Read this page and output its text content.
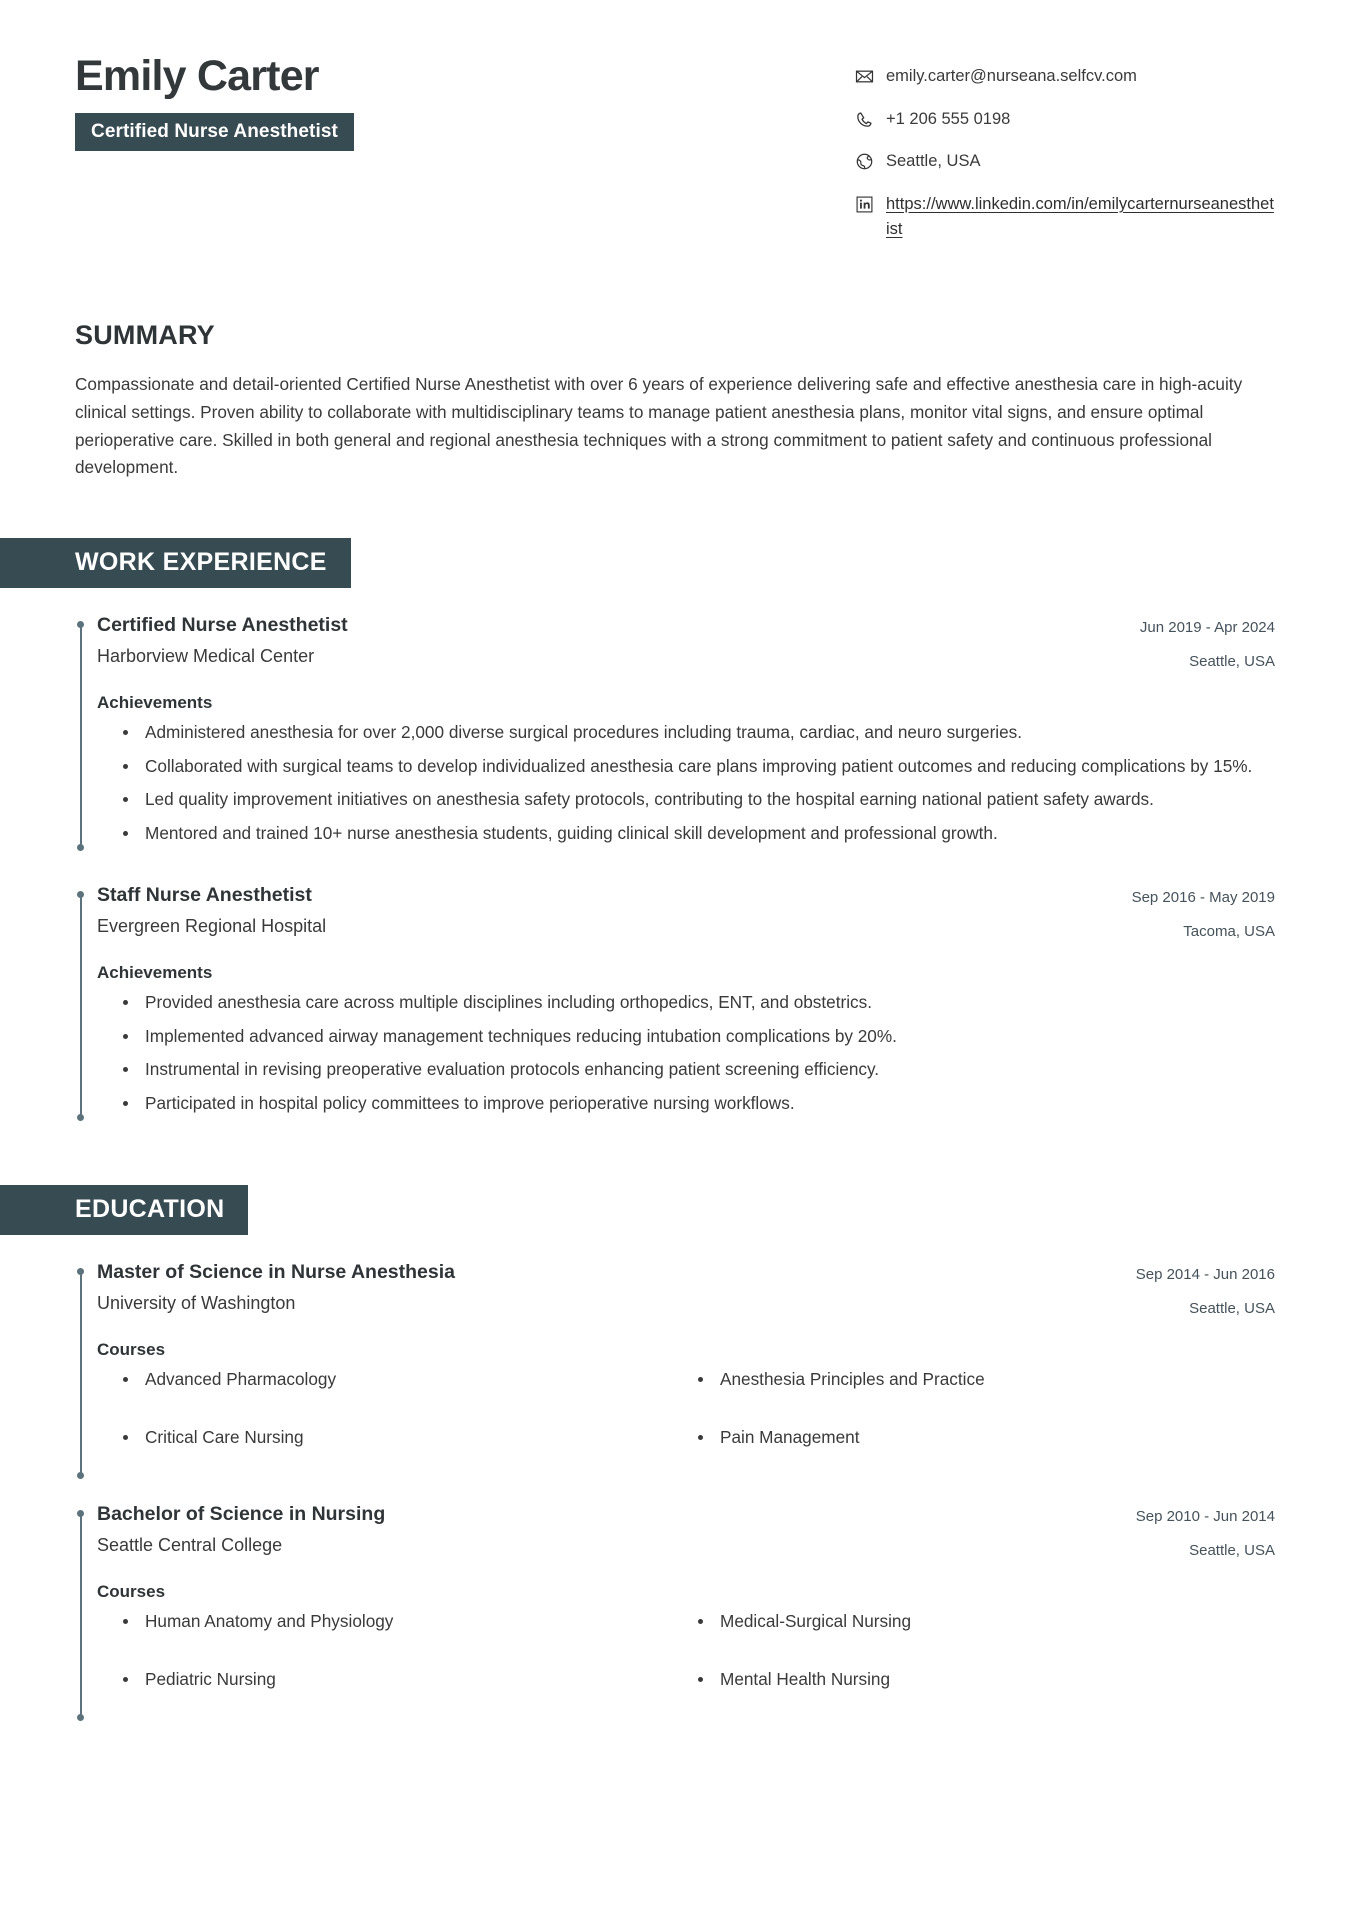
Emily Carter
Certified Nurse Anesthetist
emily.carter@nurseana.selfcv.com
+1 206 555 0198
Seattle, USA
https://www.linkedin.com/in/emilycarternurseanesthetist
SUMMARY

Compassionate and detail-oriented Certified Nurse Anesthetist with over 6 years of experience delivering safe and effective anesthesia care in high-acuity clinical settings. Proven ability to collaborate with multidisciplinary teams to manage patient anesthesia plans, monitor vital signs, and ensure optimal perioperative care. Skilled in both general and regional anesthesia techniques with a strong commitment to patient safety and continuous professional development.

WORK EXPERIENCE
Certified Nurse Anesthetist
Harborview Medical Center
Jun 2019 - Apr 2024
Seattle, USA
Achievements
Administered anesthesia for over 2,000 diverse surgical procedures including trauma, cardiac, and neuro surgeries.
Collaborated with surgical teams to develop individualized anesthesia care plans improving patient outcomes and reducing complications by 15%.
Led quality improvement initiatives on anesthesia safety protocols, contributing to the hospital earning national patient safety awards.
Mentored and trained 10+ nurse anesthesia students, guiding clinical skill development and professional growth.
Staff Nurse Anesthetist
Evergreen Regional Hospital
Sep 2016 - May 2019
Tacoma, USA
Achievements
Provided anesthesia care across multiple disciplines including orthopedics, ENT, and obstetrics.
Implemented advanced airway management techniques reducing intubation complications by 20%.
Instrumental in revising preoperative evaluation protocols enhancing patient screening efficiency.
Participated in hospital policy committees to improve perioperative nursing workflows.
EDUCATION
Master of Science in Nurse Anesthesia
University of Washington
Sep 2014 - Jun 2016
Seattle, USA
Courses
Advanced Pharmacology	Anesthesia Principles and Practice
Critical Care Nursing	Pain Management
Bachelor of Science in Nursing
Seattle Central College
Sep 2010 - Jun 2014
Seattle, USA
Courses
Human Anatomy and Physiology	Medical-Surgical Nursing
Pediatric Nursing	Mental Health Nursing
